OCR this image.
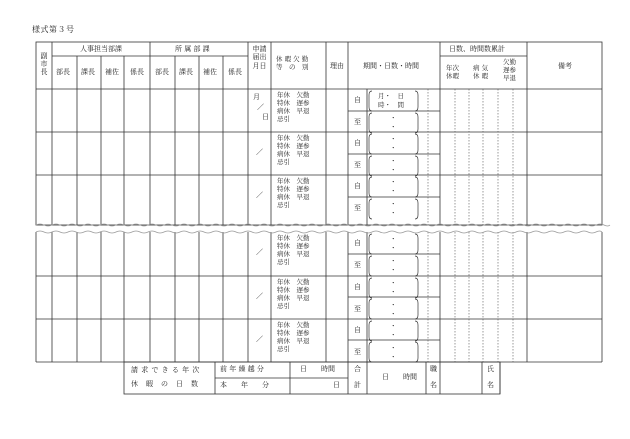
様式第３号
副市長
人事担当部課
部長 課長 補佐 係長
所 属 部 課
部長 課長 補佐 係長
申請届出月日
休 暇 欠 勤
等　の　別	理由	期間・日数・時間
日数、時間数累計
年次
休暇
病 気
休 暇
欠勤
遅参
早退
備考
月
／
日
年休　欠勤
特休　遅参
病休　早退
忌引
自
至
月・　日
時・　間
・
・
／
年休　欠勤
特休　遅参
病休　早退
忌引
自
至
・
・
・
・
／
年休　欠勤
特休　遅参
病休　早退
忌引
自
至
・
・
・
・
／
年休　欠勤
特休　遅参
病休　早退
忌引
自
至
・
・
・
・
／
年休　欠勤
特休　遅参
病休　早退
忌引
自
至
・
・
・
・
／
年休　欠勤
特休　遅参
病休　早退
忌引
自
至
・
・
・
・
請 求 で き る 年 次
休　暇　の　日　数
前 年 繰 越 分
本　　年　　分
日　　時間
日
合
計
日　　時間
職
名
氏
名
